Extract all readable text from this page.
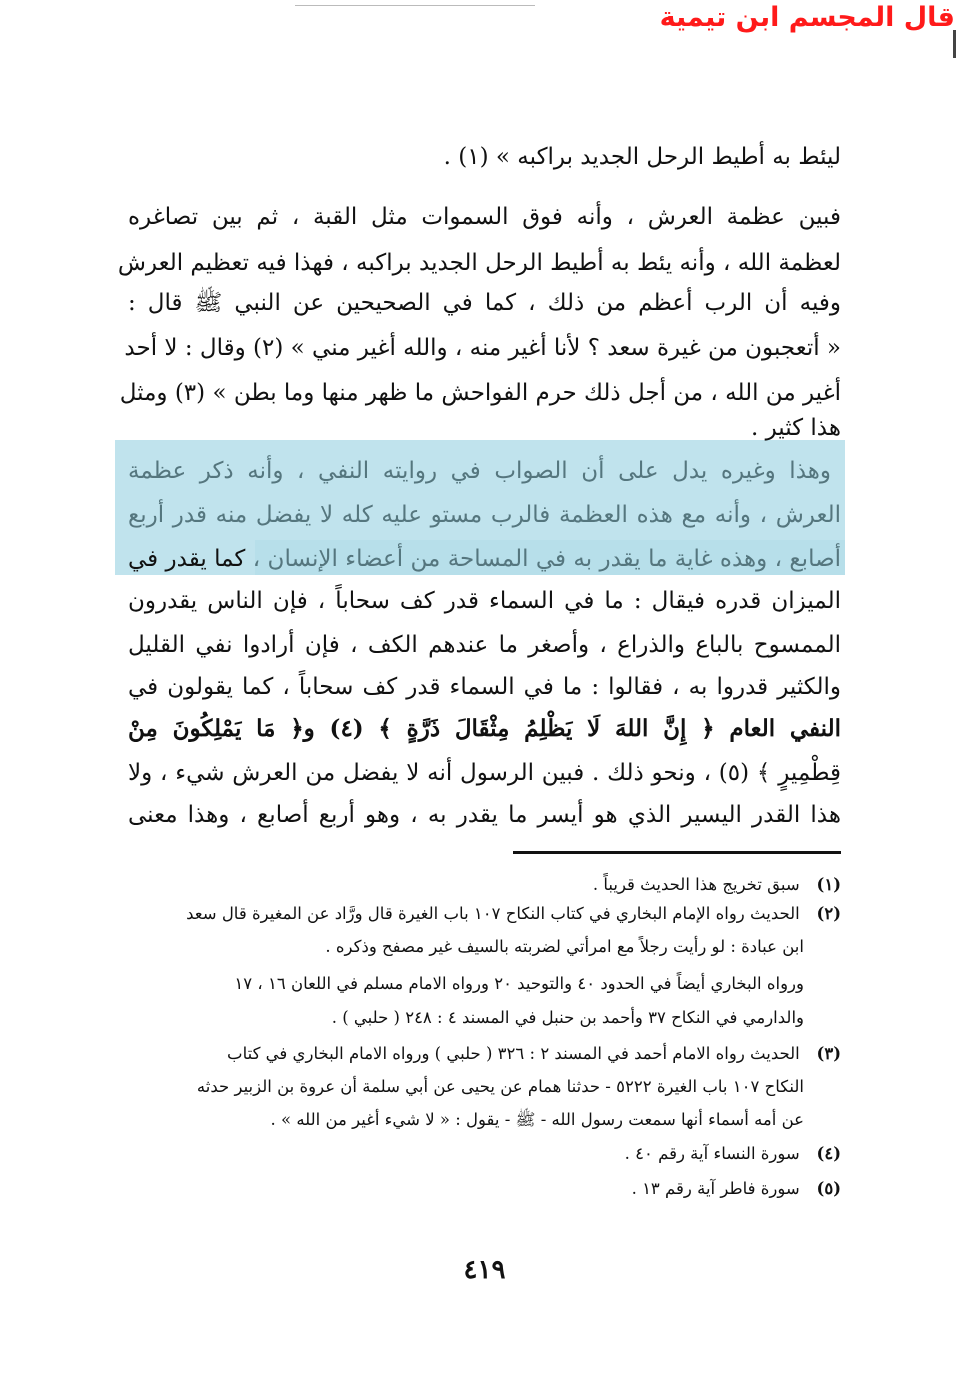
قال المجسم ابن تيمية
ليئط به أطيط الرحل الجديد براكبه » (١) .
فبين عظمة العرش ، وأنه فوق السموات مثل القبة ، ثم بين تصاغره
لعظمة الله ، وأنه يئط به أطيط الرحل الجديد براكبه ، فهذا فيه تعظيم العرش
وفيه أن الرب أعظم من ذلك ، كما في الصحيحين عن النبي ﷺ قال :
« أتعجبون من غيرة سعد ؟ لأنا أغير منه ، والله أغير مني » (٢) وقال : لا أحد
أغير من الله ، من أجل ذلك حرم الفواحش ما ظهر منها وما بطن » (٣) ومثل
هذا كثير .
وهذا وغيره يدل على أن الصواب في روايته النفي ، وأنه ذكر عظمة
العرش ، وأنه مع هذه العظمة فالرب مستو عليه كله لا يفضل منه قدر أربع
أصابع ، وهذه غاية ما يقدر به في المساحة من أعضاء الإنسان ، كما يقدر في
الميزان قدره فيقال : ما في السماء قدر كف سحاباً ، فإن الناس يقدرون
الممسوح بالباع والذراع ، وأصغر ما عندهم الكف ، فإن أرادوا نفي القليل
والكثير قدروا به ، فقالوا : ما في السماء قدر كف سحاباً ، كما يقولون في
النفي العام ﴿ إِنَّ اللهَ لَا يَظْلِمُ مِثْقَالَ ذَرَّةٍ ﴾ (٤) و﴿ مَا يَمْلِكُونَ مِنْ
قِطْمِيرٍ ﴾ (٥) ، ونحو ذلك . فبين الرسول أنه لا يفضل من العرش شيء ، ولا
هذا القدر اليسير الذي هو أيسر ما يقدر به ، وهو أربع أصابع ، وهذا معنى
(١) سبق تخريج هذا الحديث قريباً .
(٢) الحديث رواه الإمام البخاري في كتاب النكاح ١٠٧ باب الغيرة قال ورَّاد عن المغيرة قال سعد
ابن عبادة : لو رأيت رجلاً مع امرأتي لضربته بالسيف غير مصفح وذكره .
ورواه البخاري أيضاً في الحدود ٤٠ والتوحيد ٢٠ ورواه الامام مسلم في اللعان ١٦ ، ١٧
والدارمي في النكاح ٣٧ وأحمد بن حنبل في المسند ٤ : ٢٤٨ ( حلبي ) .
(٣) الحديث رواه الامام أحمد في المسند ٢ : ٣٢٦ ( حلبي ) ورواه الامام البخاري في كتاب
النكاح ١٠٧ باب الغيرة ٥٢٢٢ - حدثنا همام عن يحيى عن أبي سلمة أن عروة بن الزبير حدثه
عن أمه أسماء أنها سمعت رسول الله - ﷺ - يقول : « لا شيء أغير من الله » .
(٤) سورة النساء آية رقم ٤٠ .
(٥) سورة فاطر آية رقم ١٣ .
٤١٩
